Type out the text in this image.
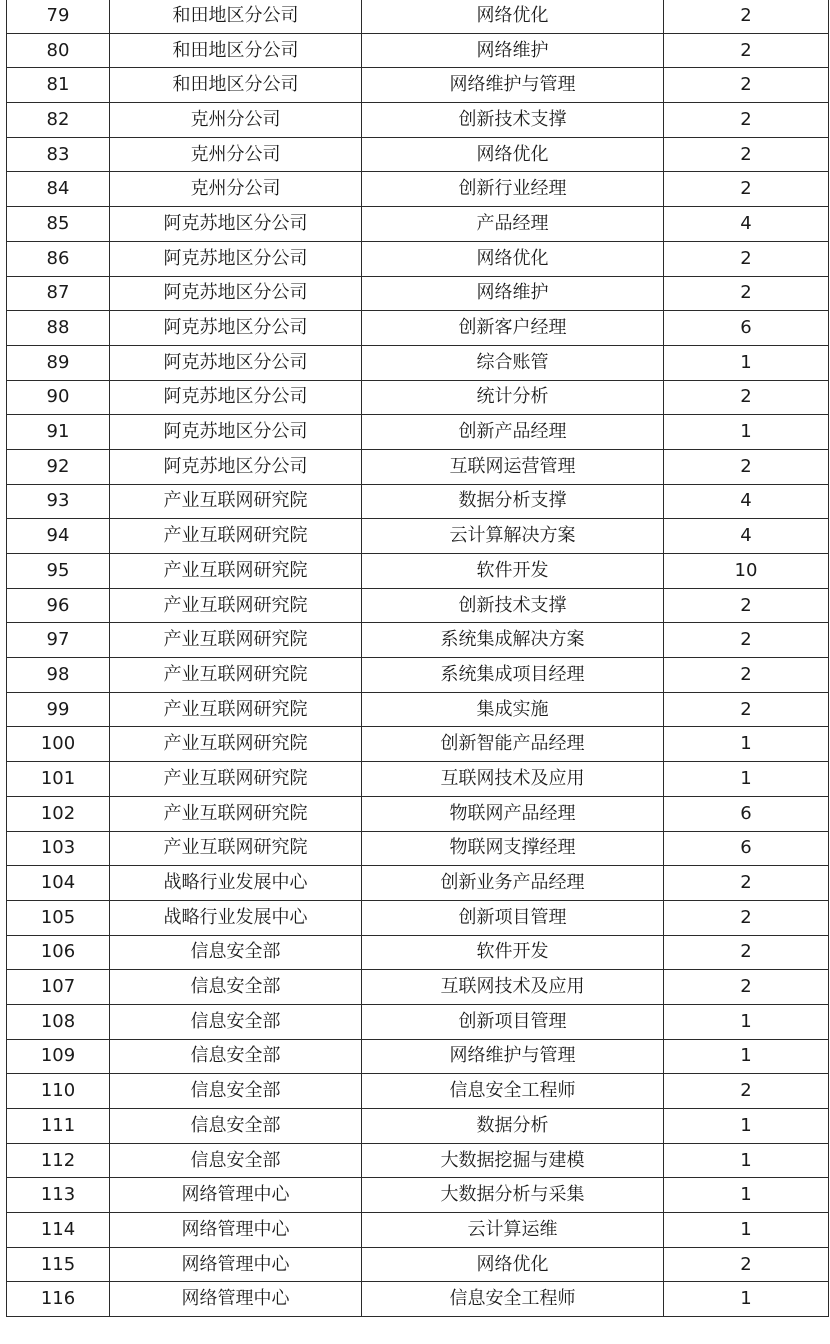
79	和田地区分公司	网络优化	2
80	和田地区分公司	网络维护	2
81	和田地区分公司	网络维护与管理	2
82	克州分公司	创新技术支撑	2
83	克州分公司	网络优化	2
84	克州分公司	创新行业经理	2
85	阿克苏地区分公司	产品经理	4
86	阿克苏地区分公司	网络优化	2
87	阿克苏地区分公司	网络维护	2
88	阿克苏地区分公司	创新客户经理	6
89	阿克苏地区分公司	综合账管	1
90	阿克苏地区分公司	统计分析	2
91	阿克苏地区分公司	创新产品经理	1
92	阿克苏地区分公司	互联网运营管理	2
93	产业互联网研究院	数据分析支撑	4
94	产业互联网研究院	云计算解决方案	4
95	产业互联网研究院	软件开发	10
96	产业互联网研究院	创新技术支撑	2
97	产业互联网研究院	系统集成解决方案	2
98	产业互联网研究院	系统集成项目经理	2
99	产业互联网研究院	集成实施	2
100	产业互联网研究院	创新智能产品经理	1
101	产业互联网研究院	互联网技术及应用	1
102	产业互联网研究院	物联网产品经理	6
103	产业互联网研究院	物联网支撑经理	6
104	战略行业发展中心	创新业务产品经理	2
105	战略行业发展中心	创新项目管理	2
106	信息安全部	软件开发	2
107	信息安全部	互联网技术及应用	2
108	信息安全部	创新项目管理	1
109	信息安全部	网络维护与管理	1
110	信息安全部	信息安全工程师	2
111	信息安全部	数据分析	1
112	信息安全部	大数据挖掘与建模	1
113	网络管理中心	大数据分析与采集	1
114	网络管理中心	云计算运维	1
115	网络管理中心	网络优化	2
116	网络管理中心	信息安全工程师	1
